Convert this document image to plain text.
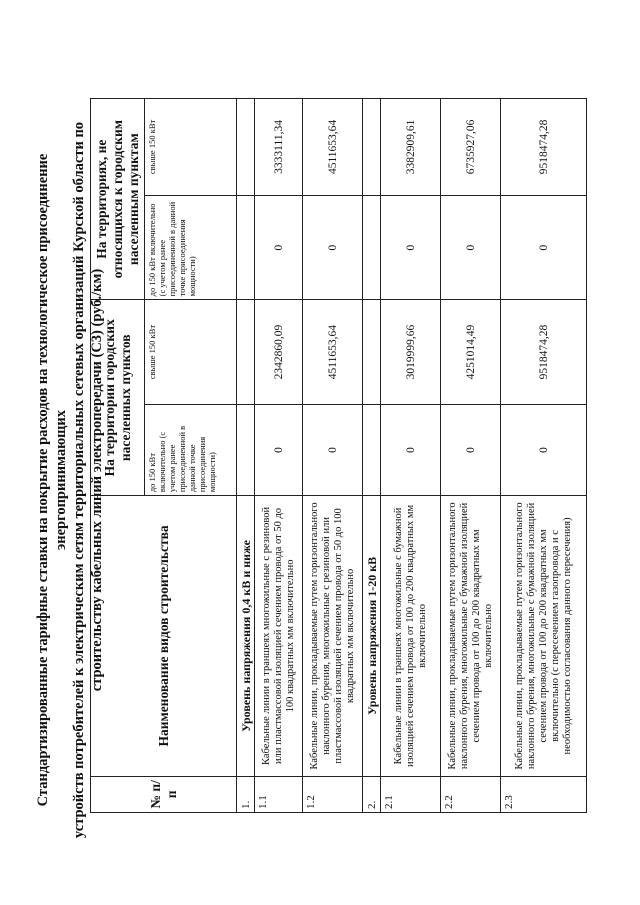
Стандартизированные тарифные ставки на покрытие расходов на технологическое присоединение энергопринимающих устройств потребителей к электрическим сетям территориальных сетевых организаций Курской области по строительству кабельных линий электропередачи (С3) (руб./км)
№ п/п	Наименование видов строительства	На территории городских населенных пунктов		На территориях, не относящихся к городским населенным пунктам	
		до 150 кВт включительно (с учетом ранее присоединенной в данной точке присоединения мощности)	свыше 150 кВт	до 150 кВт включительно (с учетом ранее присоединенной в данной точке присоединения мощности)	свыше 150 кВт
1.	Уровень напряжения 0,4 кВ и ниже				
1.1	Кабельные линии в траншеях многожильные с резиновой или пластмассовой изоляцией сечением провода от 50 до 100 квадратных мм включительно	0	2342860,09	0	3333111,34
1.2	Кабельные линии, прокладываемые путем горизонтального наклонного бурения, многожильные с резиновой или пластмассовой изоляцией сечением провода от 50 до 100 квадратных мм включительно	0	4511653,64	0	4511653,64
2.	Уровень напряжения 1-20 кВ				
2.1	Кабельные линии в траншеях многожильные с бумажной изоляцией сечением провода от 100 до 200 квадратных мм включительно	0	3019999,66	0	3382909,61
2.2	Кабельные линии, прокладываемые путем горизонтального наклонного бурения, многожильные с бумажной изоляцией сечением провода от 100 до 200 квадратных мм включительно	0	4251014,49	0	6735927,06
2.3	Кабельные линии, прокладываемые путем горизонтального наклонного бурения, многожильные с бумажной изоляцией сечением провода от 100 до 200 квадратных мм включительно (с пересечением газопровода и с необходимостью согласования данного пересечения)	0	9518474,28	0	9518474,28
